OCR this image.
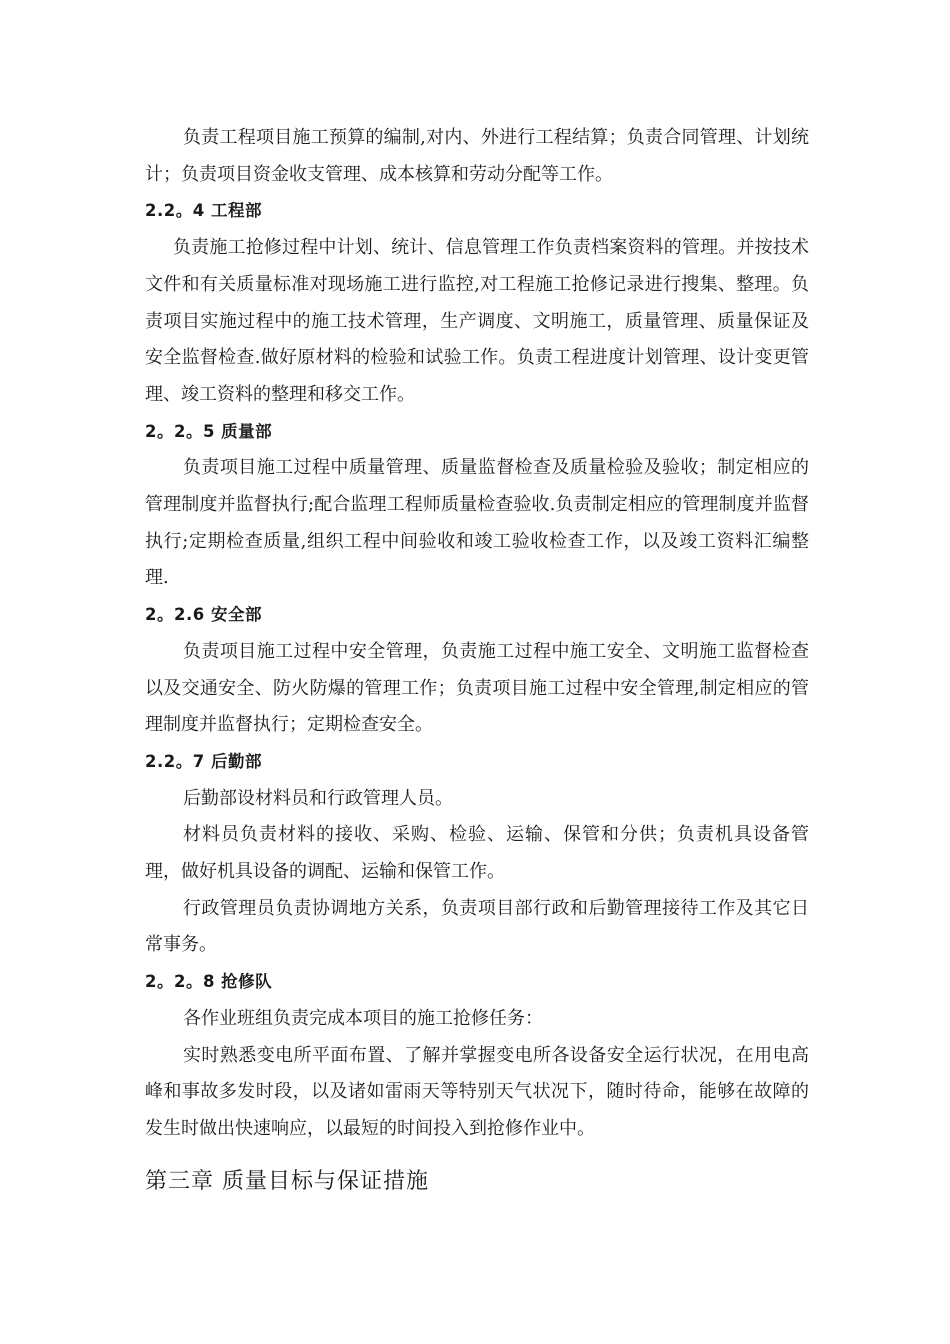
负责工程项目施工预算的编制,对内、外进行工程结算；负责合同管理、计划统计；负责项目资金收支管理、成本核算和劳动分配等工作。

2.2。4 工程部

负责施工抢修过程中计划、统计、信息管理工作负责档案资料的管理。并按技术文件和有关质量标准对现场施工进行监控,对工程施工抢修记录进行搜集、整理。负责项目实施过程中的施工技术管理，生产调度、文明施工，质量管理、质量保证及安全监督检查.做好原材料的检验和试验工作。负责工程进度计划管理、设计变更管理、竣工资料的整理和移交工作。

2。2。5 质量部

负责项目施工过程中质量管理、质量监督检查及质量检验及验收；制定相应的管理制度并监督执行;配合监理工程师质量检查验收.负责制定相应的管理制度并监督执行;定期检查质量,组织工程中间验收和竣工验收检查工作，以及竣工资料汇编整理.

2。2.6 安全部

负责项目施工过程中安全管理，负责施工过程中施工安全、文明施工监督检查以及交通安全、防火防爆的管理工作；负责项目施工过程中安全管理,制定相应的管理制度并监督执行；定期检查安全。

2.2。7 后勤部

后勤部设材料员和行政管理人员。

材料员负责材料的接收、采购、检验、运输、保管和分供；负责机具设备管理，做好机具设备的调配、运输和保管工作。

行政管理员负责协调地方关系，负责项目部行政和后勤管理接待工作及其它日常事务。

2。2。8 抢修队

各作业班组负责完成本项目的施工抢修任务：

实时熟悉变电所平面布置、了解并掌握变电所各设备安全运行状况，在用电高峰和事故多发时段，以及诸如雷雨天等特别天气状况下，随时待命，能够在故障的发生时做出快速响应，以最短的时间投入到抢修作业中。

第三章 质量目标与保证措施
